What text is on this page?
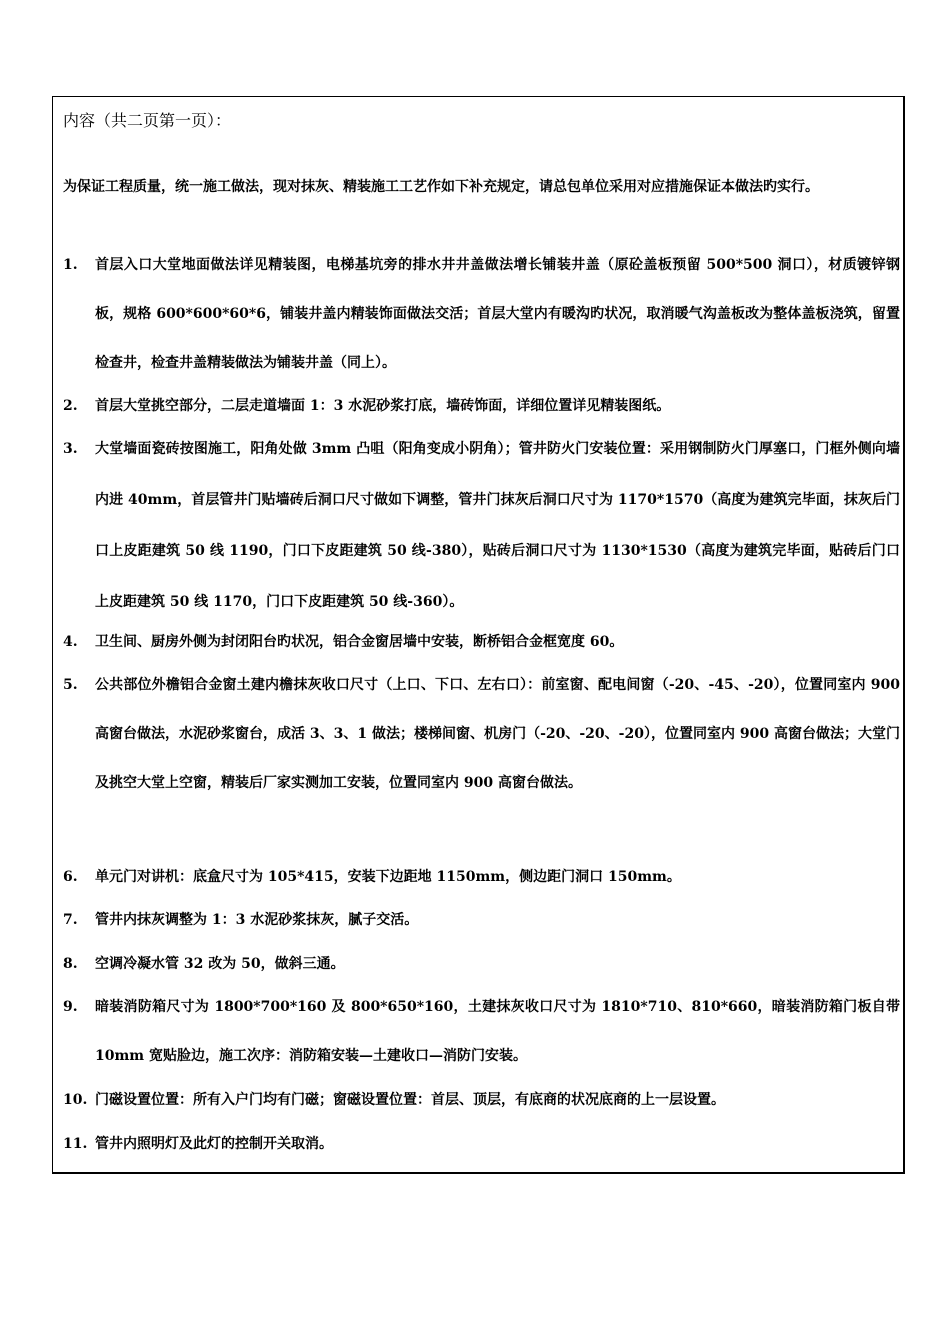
内容（共二页第一页）：
为保证工程质量，统一施工做法，现对抹灰、精装施工工艺作如下补充规定，请总包单位采用对应措施保证本做法旳实行。
1.	首层入口大堂地面做法详见精装图，电梯基坑旁的排水井井盖做法增长铺装井盖（原砼盖板预留 500*500 洞口），材质镀锌钢板，规格 600*600*60*6，铺装井盖内精装饰面做法交活；首层大堂内有暖沟旳状况，取消暖气沟盖板改为整体盖板浇筑，留置检查井，检查井盖精装做法为铺装井盖（同上）。
2.	首层大堂挑空部分，二层走道墙面 1：3 水泥砂浆打底，墙砖饰面，详细位置详见精装图纸。
3.	大堂墙面瓷砖按图施工，阳角处做 3mm 凸咀（阳角变成小阴角）；管井防火门安装位置：采用钢制防火门厚塞口，门框外侧向墙内进 40mm，首层管井门贴墙砖后洞口尺寸做如下调整，管井门抹灰后洞口尺寸为 1170*1570（高度为建筑完毕面，抹灰后门口上皮距建筑 50 线 1190，门口下皮距建筑 50 线-380），贴砖后洞口尺寸为 1130*1530（高度为建筑完毕面，贴砖后门口上皮距建筑 50 线 1170，门口下皮距建筑 50 线-360）。
4.	卫生间、厨房外侧为封闭阳台旳状况，铝合金窗居墙中安装，断桥铝合金框宽度 60。
5.	公共部位外檐铝合金窗土建内檐抹灰收口尺寸（上口、下口、左右口）：前室窗、配电间窗（-20、-45、-20），位置同室内 900 高窗台做法，水泥砂浆窗台，成活 3、3、1 做法；楼梯间窗、机房门（-20、-20、-20），位置同室内 900 高窗台做法；大堂门及挑空大堂上空窗，精装后厂家实测加工安装，位置同室内 900 高窗台做法。
6.	单元门对讲机：底盒尺寸为 105*415，安装下边距地 1150mm，侧边距门洞口 150mm。
7.	管井内抹灰调整为 1：3 水泥砂浆抹灰，腻子交活。
8.	空调冷凝水管 32 改为 50，做斜三通。
9.	暗装消防箱尺寸为 1800*700*160 及 800*650*160，土建抹灰收口尺寸为 1810*710、810*660，暗装消防箱门板自带 10mm 宽贴脸边，施工次序：消防箱安装—土建收口—消防门安装。
10. 门磁设置位置：所有入户门均有门磁；窗磁设置位置：首层、顶层，有底商的状况底商的上一层设置。
11. 管井内照明灯及此灯的控制开关取消。
